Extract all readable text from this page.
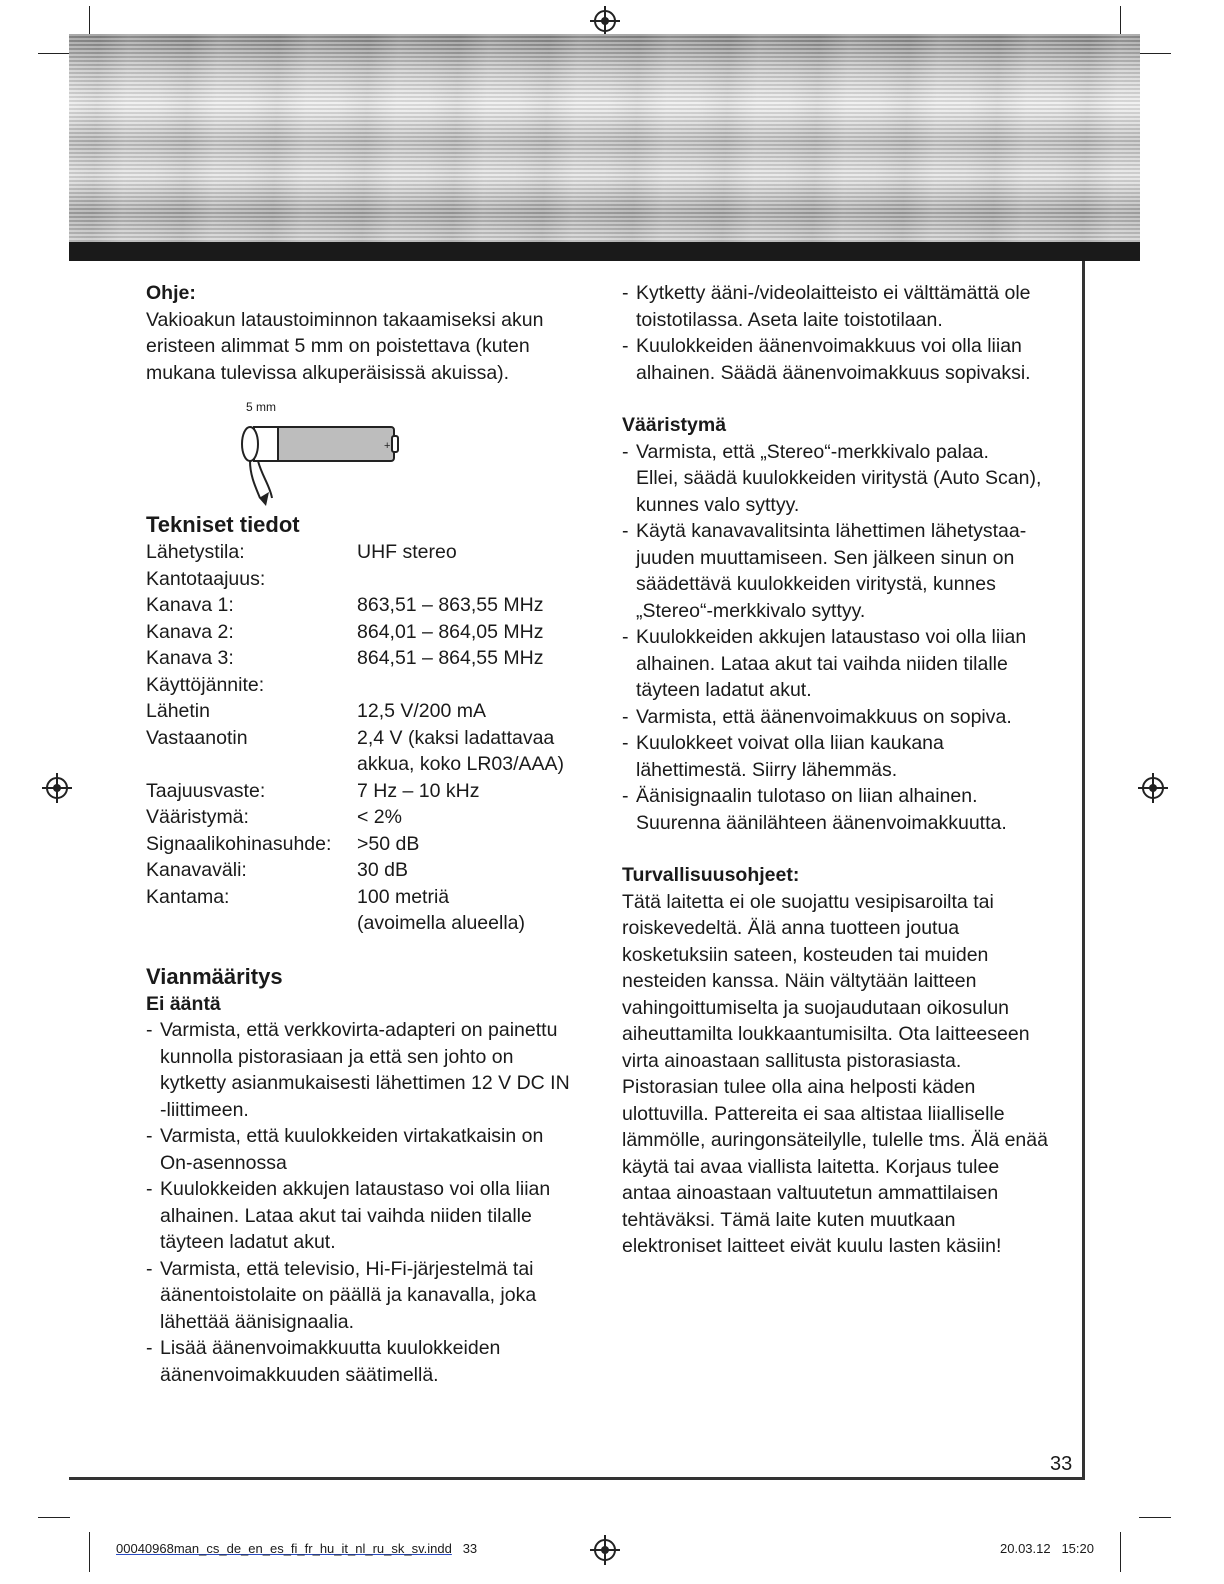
Ohje:

Vakioakun lataustoiminnon takaamiseksi akun

eristeen alimmat 5 mm on poistettava (kuten

mukana tulevissa alkuperäisissä akuissa).

5 mm
+

Tekniset tiedot

Lähetystila:	UHF stereo
Kantotaajuus:	
Kanava 1:	863,51 – 863,55 MHz
Kanava 2:	864,01 – 864,05 MHz
Kanava 3:	864,51 – 864,55 MHz
Käyttöjännite:	
Lähetin	12,5 V/200 mA
Vastaanotin	2,4 V (kaksi ladattavaa
	akkua, koko LR03/AAA)
Taajuusvaste:	7 Hz – 10 kHz
Vääristymä:	< 2%
Signaalikohinasuhde:	>50 dB
Kanavaväli:	30 dB
Kantama:	100 metriä
	(avoimella alueella)

Vianmääritys

Ei ääntä

- Varmista, että verkkovirta-adapteri on painettu
kunnolla pistorasiaan ja että sen johto on
kytketty asianmukaisesti lähettimen 12 V DC IN
-liittimeen.
- Varmista, että kuulokkeiden virtakatkaisin on
On-asennossa
- Kuulokkeiden akkujen lataustaso voi olla liian
alhainen. Lataa akut tai vaihda niiden tilalle
täyteen ladatut akut.
- Varmista, että televisio, Hi-Fi-järjestelmä tai
äänentoistolaite on päällä ja kanavalla, joka
lähettää äänisignaalia.
- Lisää äänenvoimakkuutta kuulokkeiden
äänenvoimakkuuden säätimellä.
- Kytketty ääni-/videolaitteisto ei välttämättä ole
toistotilassa. Aseta laite toistotilaan.
- Kuulokkeiden äänenvoimakkuus voi olla liian
alhainen. Säädä äänenvoimakkuus sopivaksi.

Vääristymä

- Varmista, että „Stereo“-merkkivalo palaa.
Ellei, säädä kuulokkeiden viritystä (Auto Scan),
kunnes valo syttyy.
- Käytä kanavavalitsinta lähettimen lähetystaa-
juuden muuttamiseen. Sen jälkeen sinun on
säädettävä kuulokkeiden viritystä, kunnes
„Stereo“-merkkivalo syttyy.
- Kuulokkeiden akkujen lataustaso voi olla liian
alhainen. Lataa akut tai vaihda niiden tilalle
täyteen ladatut akut.
- Varmista, että äänenvoimakkuus on sopiva.
- Kuulokkeet voivat olla liian kaukana
lähettimestä. Siirry lähemmäs.
- Äänisignaalin tulotaso on liian alhainen.
Suurenna äänilähteen äänenvoimakkuutta.

Turvallisuusohjeet:

Tätä laitetta ei ole suojattu vesipisaroilta tai

roiskevedeltä. Älä anna tuotteen joutua

kosketuksiin sateen, kosteuden tai muiden

nesteiden kanssa. Näin vältytään laitteen

vahingoittumiselta ja suojaudutaan oikosulun

aiheuttamilta loukkaantumisilta. Ota laitteeseen

virta ainoastaan sallitusta pistorasiasta.

Pistorasian tulee olla aina helposti käden

ulottuvilla. Pattereita ei saa altistaa liialliselle

lämmölle, auringonsäteilylle, tulelle tms. Älä enää

käytä tai avaa viallista laitetta. Korjaus tulee

antaa ainoastaan valtuutetun ammattilaisen

tehtäväksi. Tämä laite kuten muutkaan

elektroniset laitteet eivät kuulu lasten käsiin!

33
00040968man_cs_de_en_es_fi_fr_hu_it_nl_ru_sk_sv.indd 33	20.03.12 15:20
